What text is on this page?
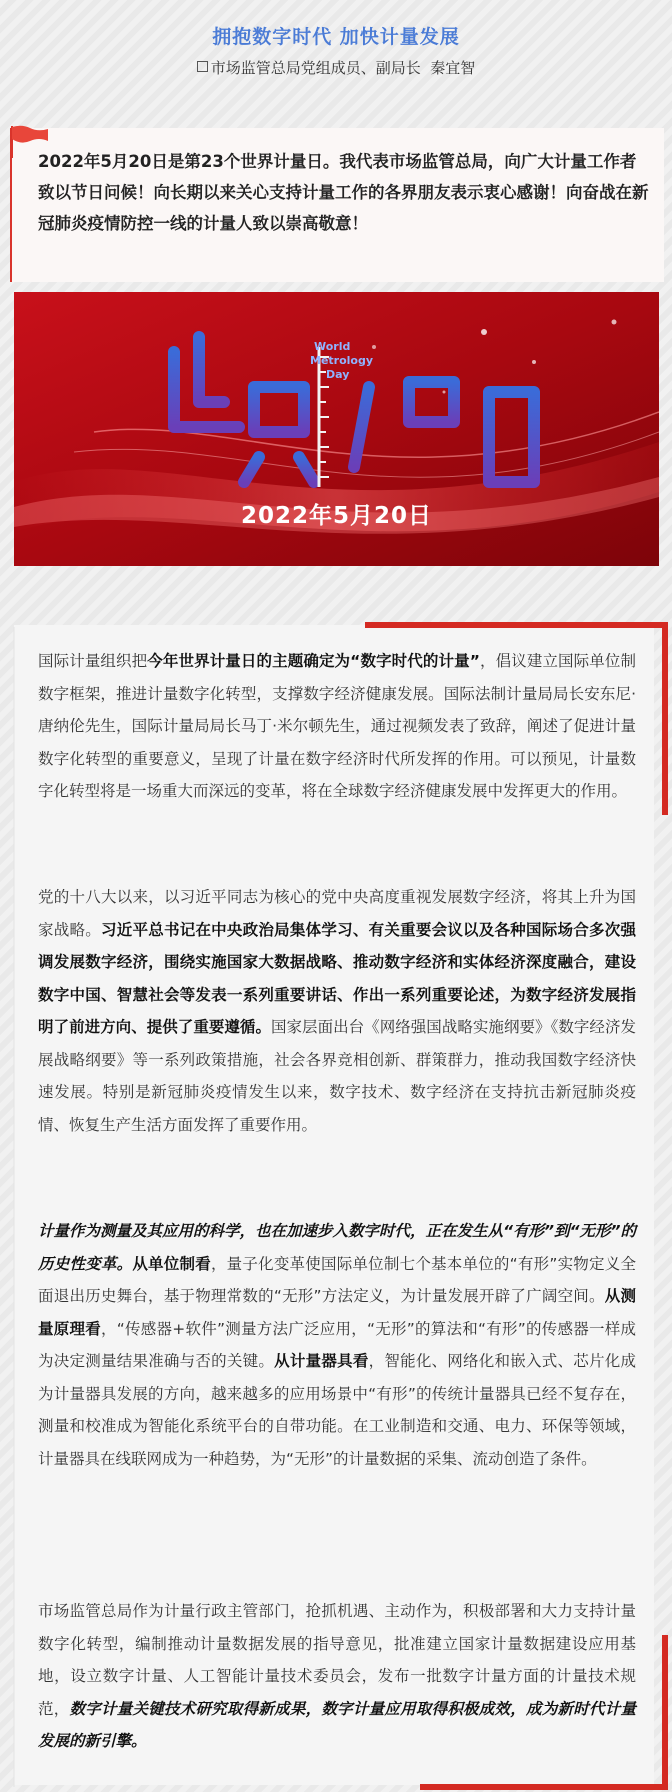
拥抱数字时代 加快计量发展
市场监管总局党组成员、副局长  秦宜智
2022年5月20日是第23个世界计量日。我代表市场监管总局，向广大计量工作者致以节日问候！向长期以来关心支持计量工作的各界朋友表示衷心感谢！向奋战在新冠肺炎疫情防控一线的计量人致以崇高敬意！
World
Metrology
Day
2022年5月20日

国际计量组织把今年世界计量日的主题确定为“数字时代的计量”，倡议建立国际单位制数字框架，推进计量数字化转型，支撑数字经济健康发展。国际法制计量局局长安东尼·唐纳伦先生，国际计量局局长马丁·米尔顿先生，通过视频发表了致辞，阐述了促进计量数字化转型的重要意义，呈现了计量在数字经济时代所发挥的作用。可以预见，计量数字化转型将是一场重大而深远的变革，将在全球数字经济健康发展中发挥更大的作用。

党的十八大以来，以习近平同志为核心的党中央高度重视发展数字经济，将其上升为国家战略。习近平总书记在中央政治局集体学习、有关重要会议以及各种国际场合多次强调发展数字经济，围绕实施国家大数据战略、推动数字经济和实体经济深度融合，建设数字中国、智慧社会等发表一系列重要讲话、作出一系列重要论述，为数字经济发展指明了前进方向、提供了重要遵循。国家层面出台《网络强国战略实施纲要》《数字经济发展战略纲要》等一系列政策措施，社会各界竞相创新、群策群力，推动我国数字经济快速发展。特别是新冠肺炎疫情发生以来，数字技术、数字经济在支持抗击新冠肺炎疫情、恢复生产生活方面发挥了重要作用。

计量作为测量及其应用的科学，也在加速步入数字时代，正在发生从“有形”到“无形”的历史性变革。从单位制看，量子化变革使国际单位制七个基本单位的“有形”实物定义全面退出历史舞台，基于物理常数的“无形”方法定义，为计量发展开辟了广阔空间。从测量原理看，“传感器+软件”测量方法广泛应用，“无形”的算法和“有形”的传感器一样成为决定测量结果准确与否的关键。从计量器具看，智能化、网络化和嵌入式、芯片化成为计量器具发展的方向，越来越多的应用场景中“有形”的传统计量器具已经不复存在，测量和校准成为智能化系统平台的自带功能。在工业制造和交通、电力、环保等领域，计量器具在线联网成为一种趋势，为“无形”的计量数据的采集、流动创造了条件。

市场监管总局作为计量行政主管部门，抢抓机遇、主动作为，积极部署和大力支持计量数字化转型，编制推动计量数据发展的指导意见，批准建立国家计量数据建设应用基地，设立数字计量、人工智能计量技术委员会，发布一批数字计量方面的计量技术规范，数字计量关键技术研究取得新成果，数字计量应用取得积极成效，成为新时代计量发展的新引擎。
